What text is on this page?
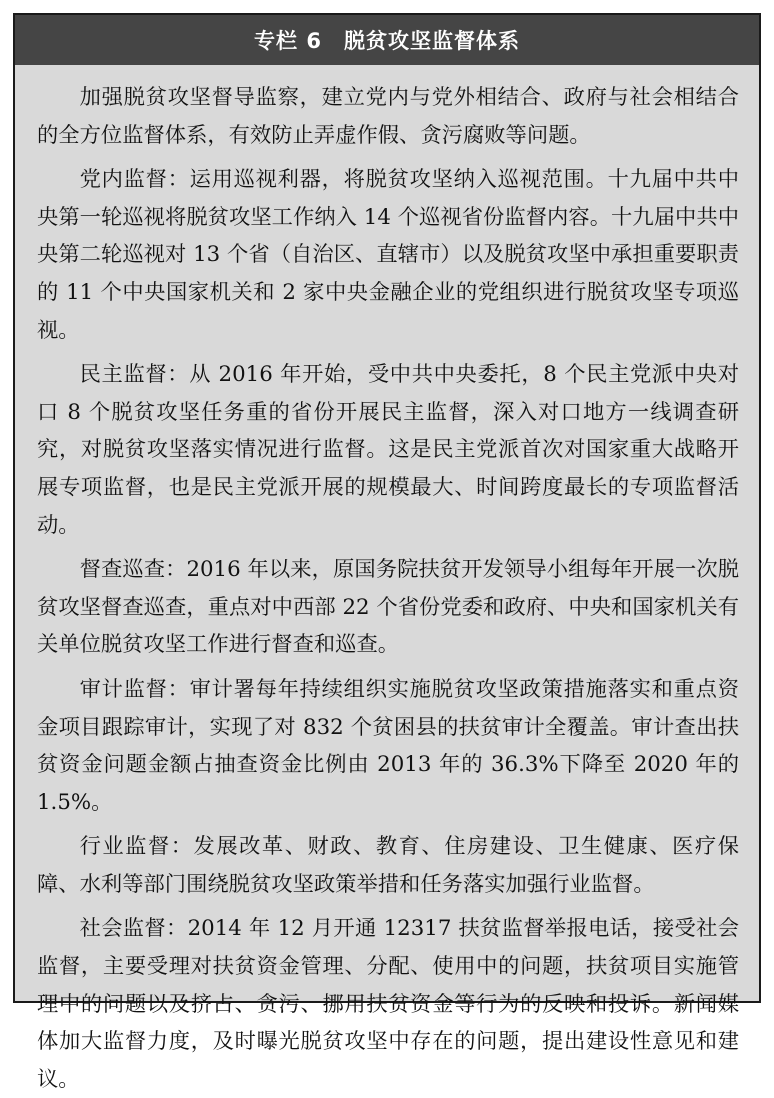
专栏 6 脱贫攻坚监督体系

加强脱贫攻坚督导监察，建立党内与党外相结合、政府与社会相结合的全方位监督体系，有效防止弄虚作假、贪污腐败等问题。

党内监督：运用巡视利器，将脱贫攻坚纳入巡视范围。十九届中共中央第一轮巡视将脱贫攻坚工作纳入 14 个巡视省份监督内容。十九届中共中央第二轮巡视对 13 个省（自治区、直辖市）以及脱贫攻坚中承担重要职责的 11 个中央国家机关和 2 家中央金融企业的党组织进行脱贫攻坚专项巡视。

民主监督：从 2016 年开始，受中共中央委托，8 个民主党派中央对口 8 个脱贫攻坚任务重的省份开展民主监督，深入对口地方一线调查研究，对脱贫攻坚落实情况进行监督。这是民主党派首次对国家重大战略开展专项监督，也是民主党派开展的规模最大、时间跨度最长的专项监督活动。

督查巡查：2016 年以来，原国务院扶贫开发领导小组每年开展一次脱贫攻坚督查巡查，重点对中西部 22 个省份党委和政府、中央和国家机关有关单位脱贫攻坚工作进行督查和巡查。

审计监督：审计署每年持续组织实施脱贫攻坚政策措施落实和重点资金项目跟踪审计，实现了对 832 个贫困县的扶贫审计全覆盖。审计查出扶贫资金问题金额占抽查资金比例由 2013 年的 36.3%下降至 2020 年的 1.5%。

行业监督：发展改革、财政、教育、住房建设、卫生健康、医疗保障、水利等部门围绕脱贫攻坚政策举措和任务落实加强行业监督。

社会监督：2014 年 12 月开通 12317 扶贫监督举报电话，接受社会监督，主要受理对扶贫资金管理、分配、使用中的问题，扶贫项目实施管理中的问题以及挤占、贪污、挪用扶贫资金等行为的反映和投诉。新闻媒体加大监督力度，及时曝光脱贫攻坚中存在的问题，提出建设性意见和建议。
